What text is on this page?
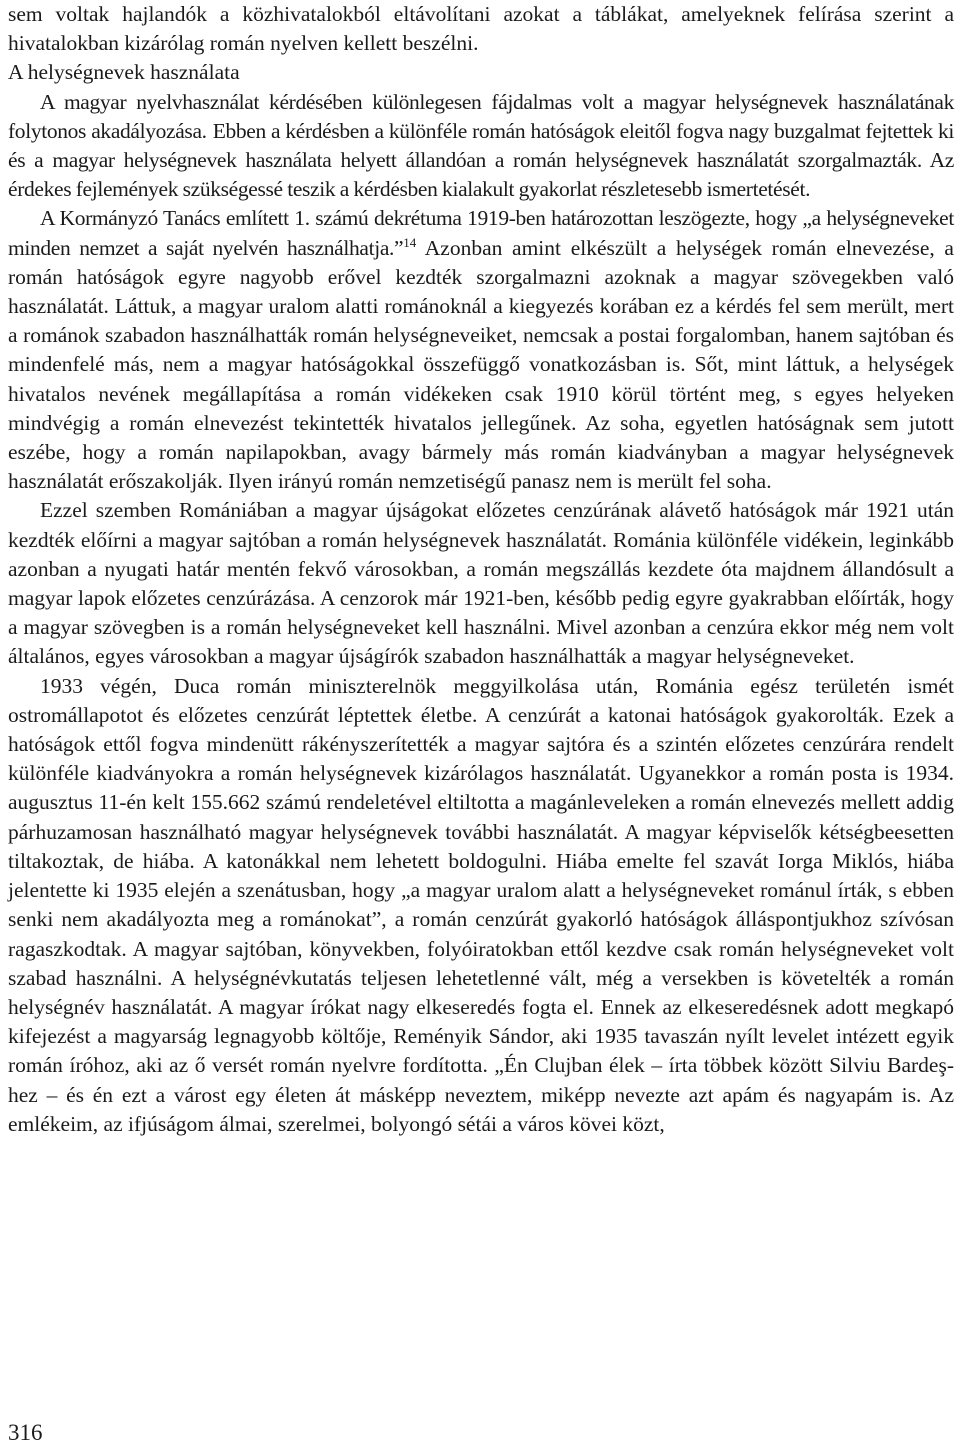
sem voltak hajlandók a közhivatalokból eltávolítani azokat a táblákat, amelyeknek felírása szerint a hivatalokban kizárólag román nyelven kellett beszélni.

A helységnevek használata

A magyar nyelvhasználat kérdésében különlegesen fájdalmas volt a magyar helységnevek használatának folytonos akadályozása. Ebben a kérdésben a különféle román hatóságok eleitől fogva nagy buzgalmat fejtettek ki és a magyar helységnevek használata helyett állandóan a román helységnevek használatát szorgalmazták. Az érdekes fejlemények szükségessé teszik a kérdésben kialakult gyakorlat részletesebb ismertetését.

A Kormányzó Tanács említett 1. számú dekrétuma 1919-ben határozottan leszögezte, hogy „a helységneveket minden nemzet a saját nyelvén használhatja.”$^{14}$ Azonban amint elkészült a helységek román elnevezése, a román hatóságok egyre nagyobb erővel kezdték szorgalmazni azoknak a magyar szövegekben való használatát. Láttuk, a magyar uralom alatti románoknál a kiegyezés korában ez a kérdés fel sem merült, mert a románok szabadon használhatták román helységneveiket, nemcsak a postai forgalomban, hanem sajtóban és mindenfelé más, nem a magyar hatóságokkal összefüggő vonatkozásban is. Sőt, mint láttuk, a helységek hivatalos nevének megállapítása a román vidékeken csak 1910 körül történt meg, s egyes helyeken mindvégig a román elnevezést tekintették hivatalos jellegűnek. Az soha, egyetlen hatóságnak sem jutott eszébe, hogy a román napilapokban, avagy bármely más román kiadványban a magyar helységnevek használatát erőszakolják. Ilyen irányú román nemzetiségű panasz nem is merült fel soha.

Ezzel szemben Romániában a magyar újságokat előzetes cenzúrának alávető hatóságok már 1921 után kezdték előírni a magyar sajtóban a román helységnevek használatát. Románia különféle vidékein, leginkább azonban a nyugati határ mentén fekvő városokban, a román megszállás kezdete óta majdnem állandósult a magyar lapok előzetes cenzúrázása. A cenzorok már 1921-ben, később pedig egyre gyakrabban előírták, hogy a magyar szövegben is a román helységneveket kell használni. Mivel azonban a cenzúra ekkor még nem volt általános, egyes városokban a magyar újságírók szabadon használhatták a magyar helységneveket.

1933 végén, Duca román miniszterelnök meggyilkolása után, Románia egész területén ismét ostromállapotot és előzetes cenzúrát léptettek életbe. A cenzúrát a katonai hatóságok gyakorolták. Ezek a hatóságok ettől fogva mindenütt rákényszerítették a magyar sajtóra és a szintén előzetes cenzúrára rendelt különféle kiadványokra a román helységnevek kizárólagos használatát. Ugyanekkor a román posta is 1934. augusztus 11-én kelt 155.662 számú rendeletével eltiltotta a magánleveleken a román elnevezés mellett addig párhuzamosan használható magyar helységnevek további használatát. A magyar képviselők kétségbeesetten tiltakoztak, de hiába. A katonákkal nem lehetett boldogulni. Hiába emelte fel szavát Iorga Miklós, hiába jelentette ki 1935 elején a szenátusban, hogy „a magyar uralom alatt a helységneveket románul írták, s ebben senki nem akadályozta meg a románokat”, a román cenzúrát gyakorló hatóságok álláspontjukhoz szívósan ragaszkodtak. A magyar sajtóban, könyvekben, folyóiratokban ettől kezdve csak román helységneveket volt szabad használni. A helységnévkutatás teljesen lehetetlenné vált, még a versekben is követelték a román helységnév használatát. A magyar írókat nagy elkeseredés fogta el. Ennek az elkeseredésnek adott megkapó kifejezést a magyarság legnagyobb költője, Reményik Sándor, aki 1935 tavaszán nyílt levelet intézett egyik román íróhoz, aki az ő versét román nyelvre fordította. „Én Clujban élek – írta többek között Silviu Bardeş-hez – és én ezt a várost egy életen át másképp neveztem, miképp nevezte azt apám és nagyapám is. Az emlékeim, az ifjúságom álmai, szerelmei, bolyongó sétái a város kövei közt,

316
